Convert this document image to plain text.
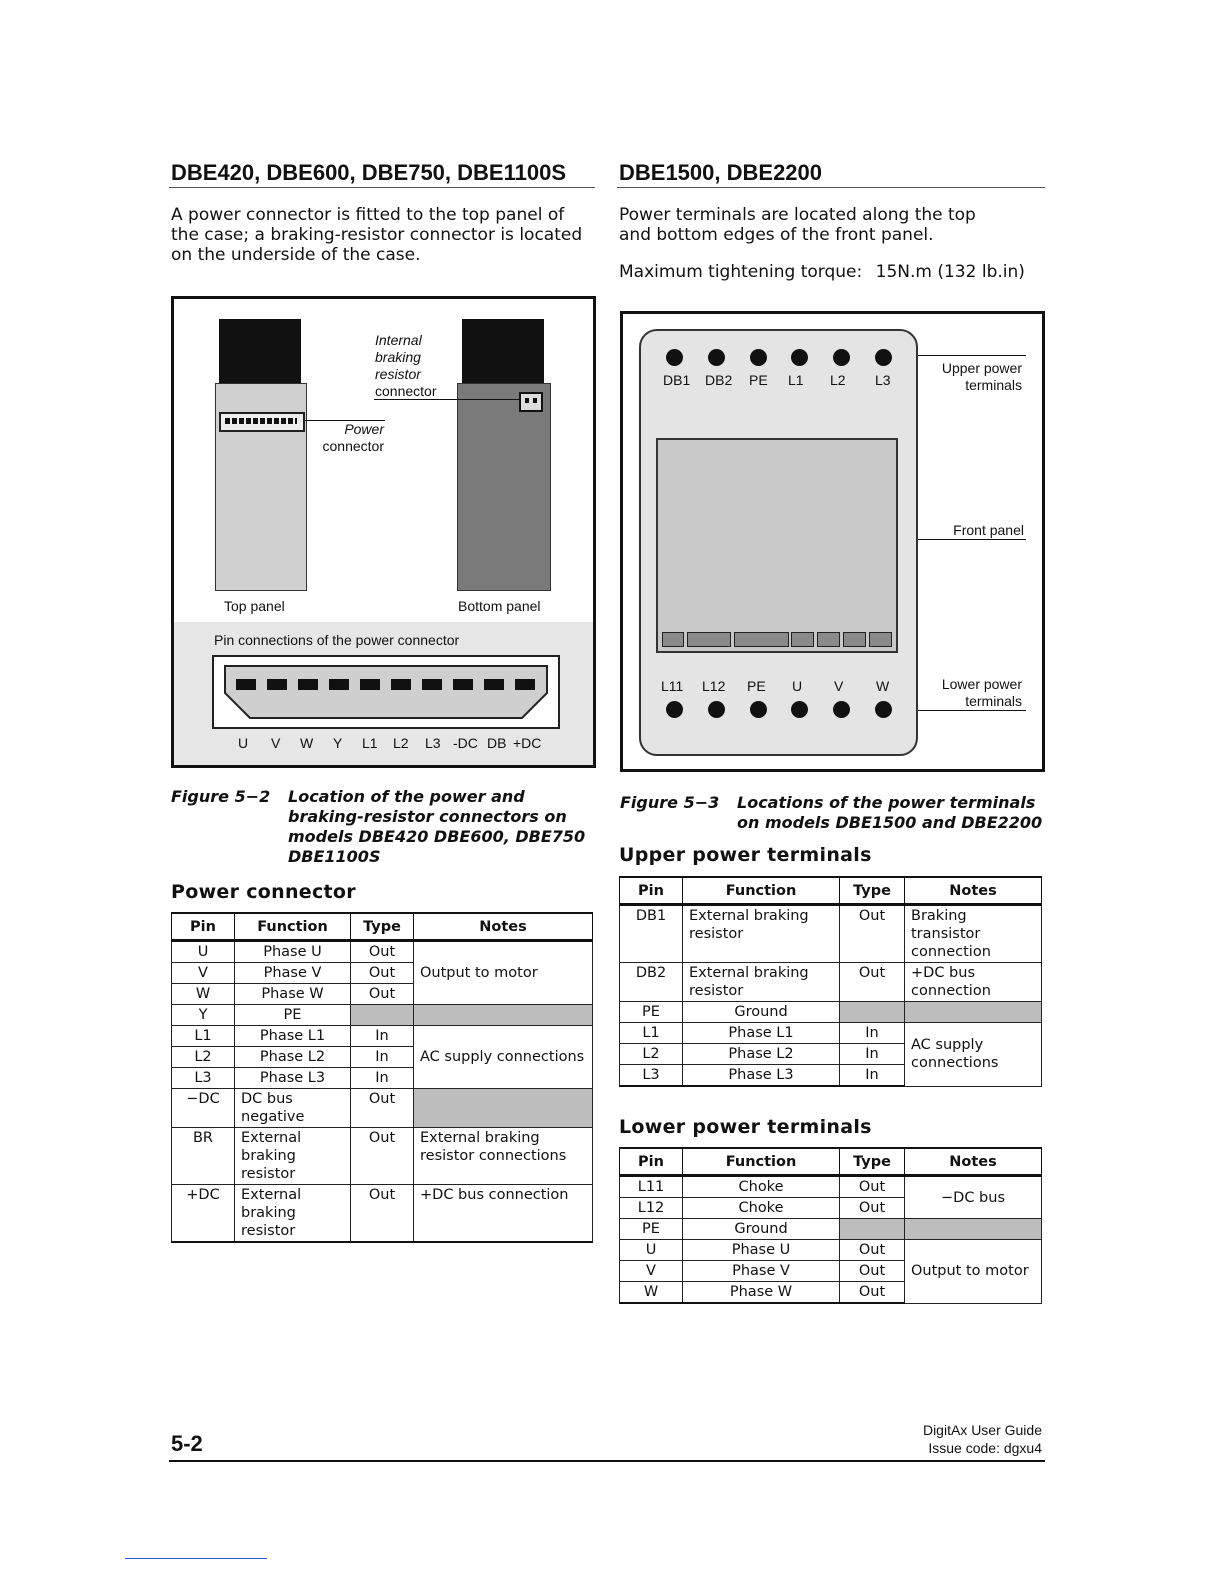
DBE420, DBE600, DBE750, DBE1100S
A power connector is fitted to the top panel of the case; a braking-resistor connector is located on the underside of the case.
Internal
braking
resistor
connector
Power
connector
Top panel	Bottom panel
Pin connections of the power connector
U V W Y L1 L2 L3 -DC DB +DC
Figure 5−2 Location of the power and
braking-resistor connectors on
models DBE420 DBE600, DBE750
DBE1100S
Power connector
Pin	Function	Type	Notes
U	Phase U	Out	Output to motor
V	Phase V	Out	
W	Phase W	Out	
Y	PE		
L1	Phase L1	In	AC supply connections
L2	Phase L2	In	
L3	Phase L3	In	
−DC	DC bus negative	Out	
BR	External braking resistor	Out	External braking resistor connections
+DC	External braking resistor	Out	+DC bus connection
DBE1500, DBE2200
Power terminals are located along the top and bottom edges of the front panel.
Maximum tightening torque: 15N.m (132 lb.in)
DB1 DB2 PE L1 L2 L3
L11 L12 PE U V W
Upper power
terminals
Front panel
Lower power
terminals
Figure 5−3 Locations of the power terminals
on models DBE1500 and DBE2200
Upper power terminals
Pin	Function	Type	Notes
DB1	External braking resistor	Out	Braking transistor connection
DB2	External braking resistor	Out	+DC bus connection
PE	Ground		
L1	Phase L1	In	AC supply connections
L2	Phase L2	In	
L3	Phase L3	In	
Lower power terminals
Pin	Function	Type	Notes
L11	Choke	Out	−DC bus
L12	Choke	Out	
PE	Ground		
U	Phase U	Out	Output to motor
V	Phase V	Out	
W	Phase W	Out	
5-2
DigitAx User Guide
Issue code: dgxu4
